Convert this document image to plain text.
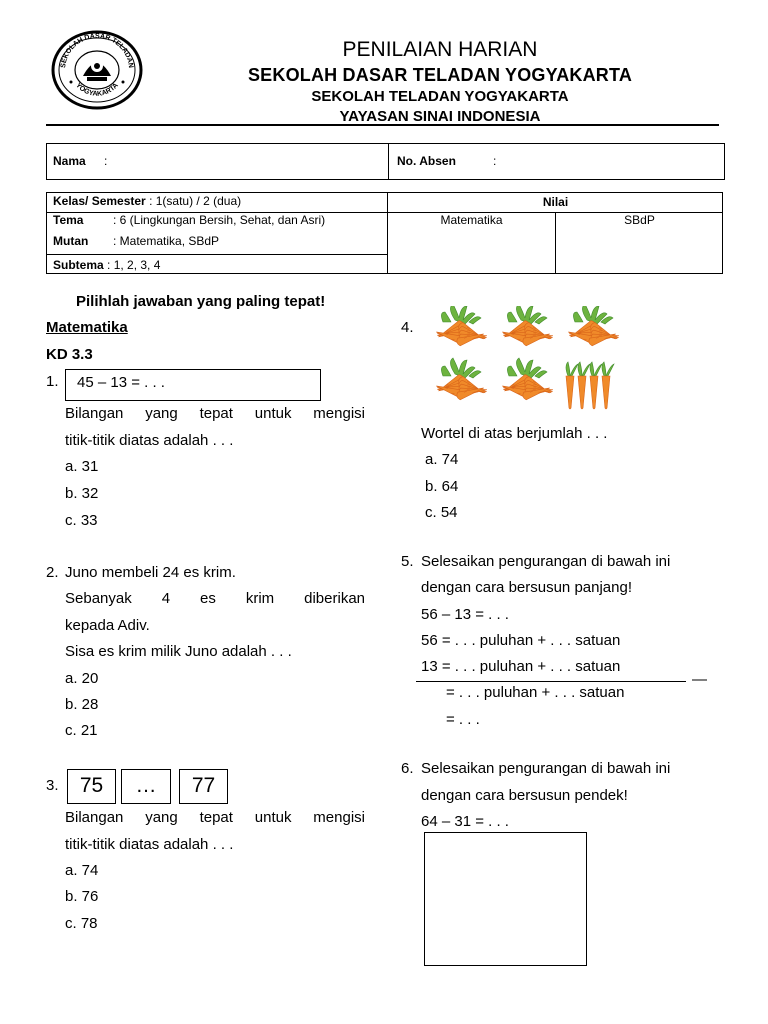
SEKOLAH DASAR TELADAN
YOGYAKARTA
PENILAIAN HARIAN
SEKOLAH DASAR TELADAN YOGYAKARTA
SEKOLAH TELADAN YOGYAKARTA
YAYASAN SINAI INDONESIA
Nama :	No. Absen	:
Kelas/ Semester : 1(satu) / 2 (dua)
Tema : 6 (Lingkungan Bersih, Sehat, dan Asri)
Mutan : Matematika, SBdP
Subtema : 1, 2, 3, 4
Nilai
Matematika	SBdP
Pilihlah jawaban yang paling tepat!
Matematika
KD 3.3
1. 45 – 13 = . . .
Bilangan yang tepat untuk mengisi
titik-titik diatas adalah . . .
a. 31
b. 32
c. 33
2. Juno membeli 24 es krim.
Sebanyak 4 es krim diberikan
kepada Adiv.
Sisa es krim milik Juno adalah . . .
a. 20
b. 28
c. 21
3.	75	…	77
Bilangan yang tepat untuk mengisi
titik-titik diatas adalah . . .
a. 74
b. 76
c. 78
4.
Wortel di atas berjumlah . . .
a. 74
b. 64
c. 54
5. Selesaikan pengurangan di bawah ini
dengan cara bersusun panjang!
56 – 13 = . . .
56 = . . . puluhan + . . . satuan
13 = . . . puluhan + . . . satuan
—
= . . . puluhan + . . . satuan
= . . .
6. Selesaikan pengurangan di bawah ini
dengan cara bersusun pendek!
64 – 31 = . . .
